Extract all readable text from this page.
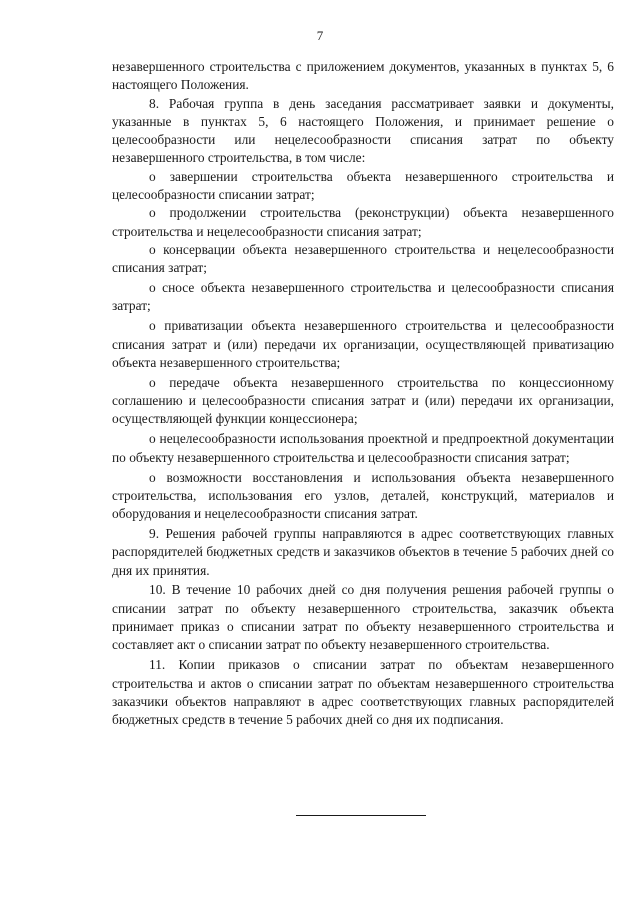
7

незавершенного строительства с приложением документов, указанных в пунктах 5, 6 настоящего Положения.

8. Рабочая группа в день заседания рассматривает заявки и документы, указанные в пунктах 5, 6 настоящего Положения, и принимает решение о целесообразности или нецелесообразности списания затрат по объекту незавершенного строительства, в том числе:

о завершении строительства объекта незавершенного строительства и целесообразности списании затрат;

о продолжении строительства (реконструкции) объекта незавершенного строительства и нецелесообразности списания затрат;

о консервации объекта незавершенного строительства и нецелесообразности списания затрат;

о сносе объекта незавершенного строительства и целесообразности списания затрат;

о приватизации объекта незавершенного строительства и целесообразности списания затрат и (или) передачи их организации, осуществляющей приватизацию объекта незавершенного строительства;

о передаче объекта незавершенного строительства по концессионному соглашению и целесообразности списания затрат и (или) передачи их организации, осуществляющей функции концессионера;

о нецелесообразности использования проектной и предпроектной документации по объекту незавершенного строительства и целесообразности списания затрат;

о возможности восстановления и использования объекта незавершенного строительства, использования его узлов, деталей, конструкций, материалов и оборудования и нецелесообразности списания затрат.

9. Решения рабочей группы направляются в адрес соответствующих главных распорядителей бюджетных средств и заказчиков объектов в течение 5 рабочих дней со дня их принятия.

10. В течение 10 рабочих дней со дня получения решения рабочей группы о списании затрат по объекту незавершенного строительства, заказчик объекта принимает приказ о списании затрат по объекту незавершенного строительства и составляет акт о списании затрат по объекту незавершенного строительства.

11. Копии приказов о списании затрат по объектам незавершенного строительства и актов о списании затрат по объектам незавершенного строительства заказчики объектов направляют в адрес соответствующих главных распорядителей бюджетных средств в течение 5 рабочих дней со дня их подписания.
